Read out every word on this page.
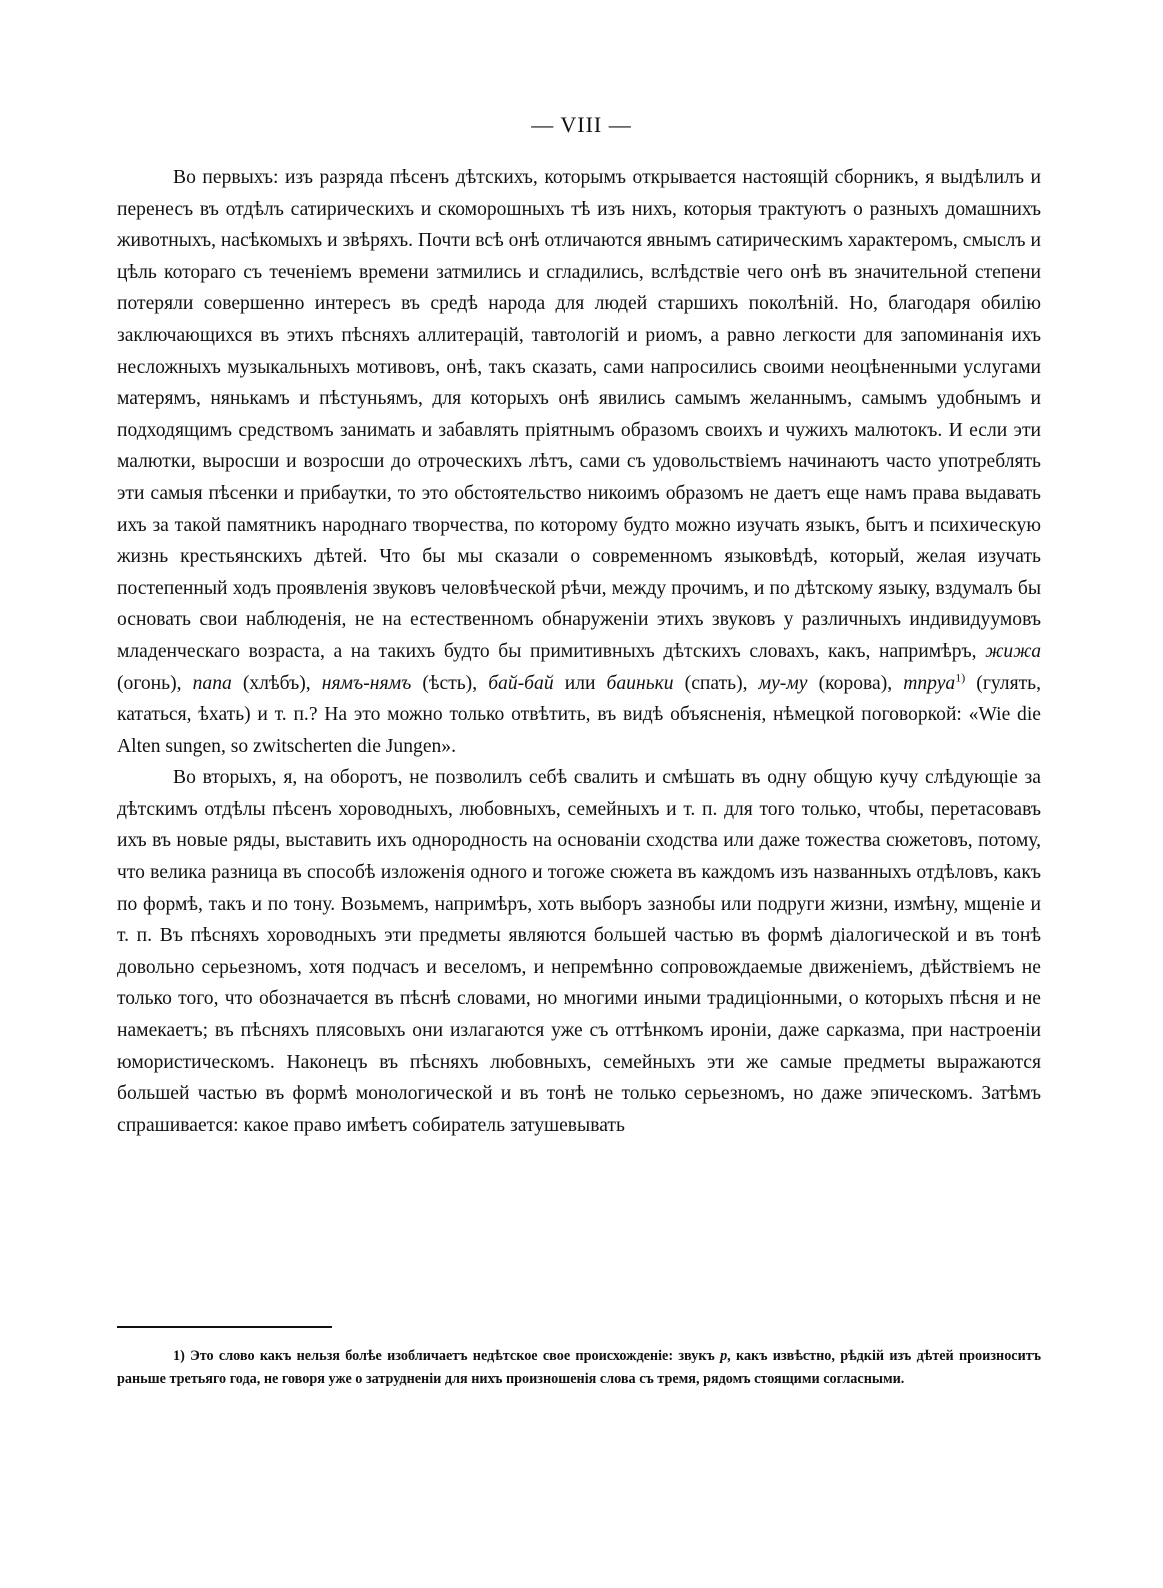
— VIII —

Во первыхъ: изъ разряда пѣсенъ дѣтскихъ, которымъ открывается настоящій сборникъ, я выдѣлилъ и перенесъ въ отдѣлъ сатирическихъ и скоморошныхъ тѣ изъ нихъ, которыя трактуютъ о разныхъ домашнихъ животныхъ, насѣкомыхъ и звѣряхъ. Почти всѣ онѣ отличаются явнымъ сатирическимъ характеромъ, смыслъ и цѣль котораго съ теченіемъ времени затмились и сгладились, вслѣдствіе чего онѣ въ значительной степени потеряли совершенно интересъ въ средѣ народа для людей старшихъ поколѣній. Но, благодаря обилію заключающихся въ этихъ пѣсняхъ аллитерацій, тавтологій и риомъ, а равно легкости для запоминанія ихъ несложныхъ музыкальныхъ мотивовъ, онѣ, такъ сказать, сами напросились своими неоцѣненными услугами матерямъ, нянькамъ и пѣстуньямъ, для которыхъ онѣ явились самымъ желаннымъ, самымъ удобнымъ и подходящимъ средствомъ занимать и забавлять пріятнымъ образомъ своихъ и чужихъ малютокъ. И если эти малютки, выросши и возросши до отроческихъ лѣтъ, сами съ удовольствіемъ начинаютъ часто употреблять эти самыя пѣсенки и прибаутки, то это обстоятельство никоимъ образомъ не даетъ еще намъ права выдавать ихъ за такой памятникъ народнаго творчества, по которому будто можно изучать языкъ, бытъ и психическую жизнь крестьянскихъ дѣтей. Что бы мы сказали о современномъ языковѣдѣ, который, желая изучать постепенный ходъ проявленія звуковъ человѣческой рѣчи, между прочимъ, и по дѣтскому языку, вздумалъ бы основать свои наблюденія, не на естественномъ обнаруженіи этихъ звуковъ у различныхъ индивидуумовъ младенческаго возраста, а на такихъ будто бы примитивныхъ дѣтскихъ словахъ, какъ, напримѣръ, жижа (огонь), папа (хлѣбъ), нямъ-нямъ (ѣсть), бай-бай или баиньки (спать), му-му (корова), тпруа$^{1)}$ (гулять, кататься, ѣхать) и т. п.? На это можно только отвѣтить, въ видѣ объясненія, нѣмецкой поговоркой: «Wie die Alten sungen, so zwitscherten die Jungen».

Во вторыхъ, я, на оборотъ, не позволилъ себѣ свалить и смѣшать въ одну общую кучу слѣдующіе за дѣтскимъ отдѣлы пѣсенъ хороводныхъ, любовныхъ, семейныхъ и т. п. для того только, чтобы, перетасовавъ ихъ въ новые ряды, выставить ихъ однородность на основаніи сходства или даже тожества сюжетовъ, потому, что велика разница въ способѣ изложенія одного и тогоже сюжета въ каждомъ изъ названныхъ отдѣловъ, какъ по формѣ, такъ и по тону. Возьмемъ, напримѣръ, хоть выборъ зазнобы или подруги жизни, измѣну, мщеніе и т. п. Въ пѣсняхъ хороводныхъ эти предметы являются большей частью въ формѣ діалогической и въ тонѣ довольно серьезномъ, хотя подчасъ и веселомъ, и непремѣнно сопровождаемые движеніемъ, дѣйствіемъ не только того, что обозначается въ пѣснѣ словами, но многими иными традиціонными, о которыхъ пѣсня и не намекаетъ; въ пѣсняхъ плясовыхъ они излагаются уже съ оттѣнкомъ ироніи, даже сарказма, при настроеніи юмористическомъ. Наконецъ въ пѣсняхъ любовныхъ, семейныхъ эти же самые предметы выражаются большей частью въ формѣ монологической и въ тонѣ не только серьезномъ, но даже эпическомъ. Затѣмъ спрашивается: какое право имѣетъ собиратель затушевывать

1) Это слово какъ нельзя болѣе изобличаетъ недѣтское свое происхожденіе: звукъ р, какъ извѣстно, рѣдкій изъ дѣтей произноситъ раньше третьяго года, не говоря уже о затрудненіи для нихъ произношенія слова съ тремя, рядомъ стоящими согласными.
